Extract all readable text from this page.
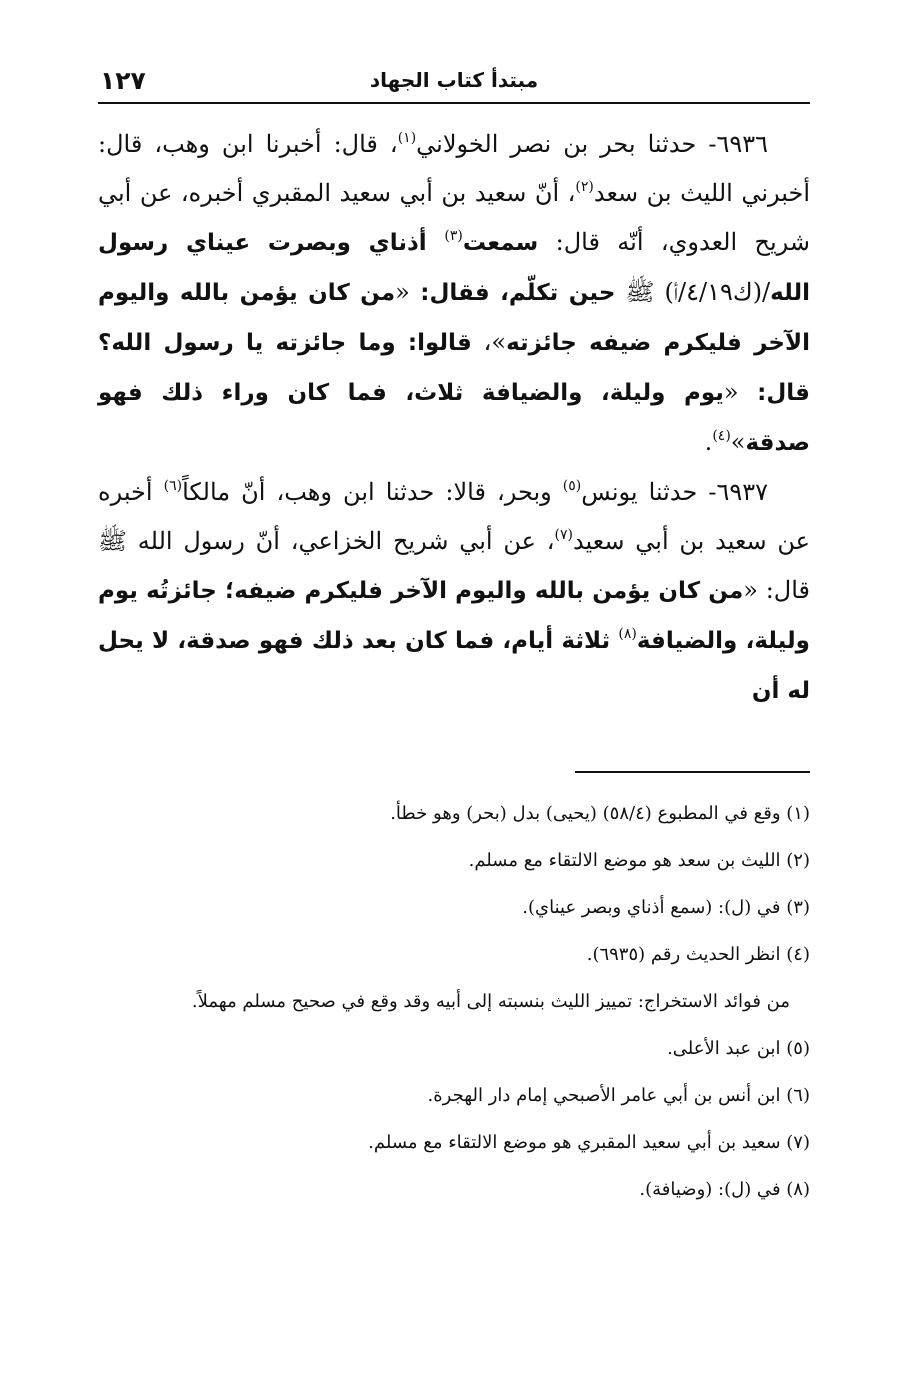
١٢٧	مبتدأ كتاب الجهاد

٦٩٣٦- حدثنا بحر بن نصر الخولاني$^{(١)}$، قال: أخبرنا ابن وهب، قال: أخبرني الليث بن سعد$^{(٢)}$، أنّ سعيد بن أبي سعيد المقبري أخبره، عن أبي شريح العدوي، أنّه قال: سمعت$^{(٣)}$ أذناي وبصرت عيناي رسول الله/(ك٤/١٩/أ) ﷺ حين تكلّم، فقال: «من كان يؤمن بالله واليوم الآخر فليكرم ضيفه جائزته»، قالوا: وما جائزته يا رسول الله؟ قال: «يوم وليلة، والضيافة ثلاث، فما كان وراء ذلك فهو صدقة»$^{(٤)}$.

٦٩٣٧- حدثنا يونس$^{(٥)}$ وبحر، قالا: حدثنا ابن وهب، أنّ مالكاً$^{(٦)}$ أخبره عن سعيد بن أبي سعيد$^{(٧)}$، عن أبي شريح الخزاعي، أنّ رسول الله ﷺ قال: «من كان يؤمن بالله واليوم الآخر فليكرم ضيفه؛ جائزتُه يوم وليلة، والضيافة$^{(٨)}$ ثلاثة أيام، فما كان بعد ذلك فهو صدقة، لا يحل له أن

(١) وقع في المطبوع (٥٨/٤) (يحيى) بدل (بحر) وهو خطأ.
(٢) الليث بن سعد هو موضع الالتقاء مع مسلم.
(٣) في (ل): (سمع أذناي وبصر عيناي).
(٤) انظر الحديث رقم (٦٩٣٥).
من فوائد الاستخراج: تمييز الليث بنسبته إلى أبيه وقد وقع في صحيح مسلم مهملاً.
(٥) ابن عبد الأعلى.
(٦) ابن أنس بن أبي عامر الأصبحي إمام دار الهجرة.
(٧) سعيد بن أبي سعيد المقبري هو موضع الالتقاء مع مسلم.
(٨) في (ل): (وضيافة).
